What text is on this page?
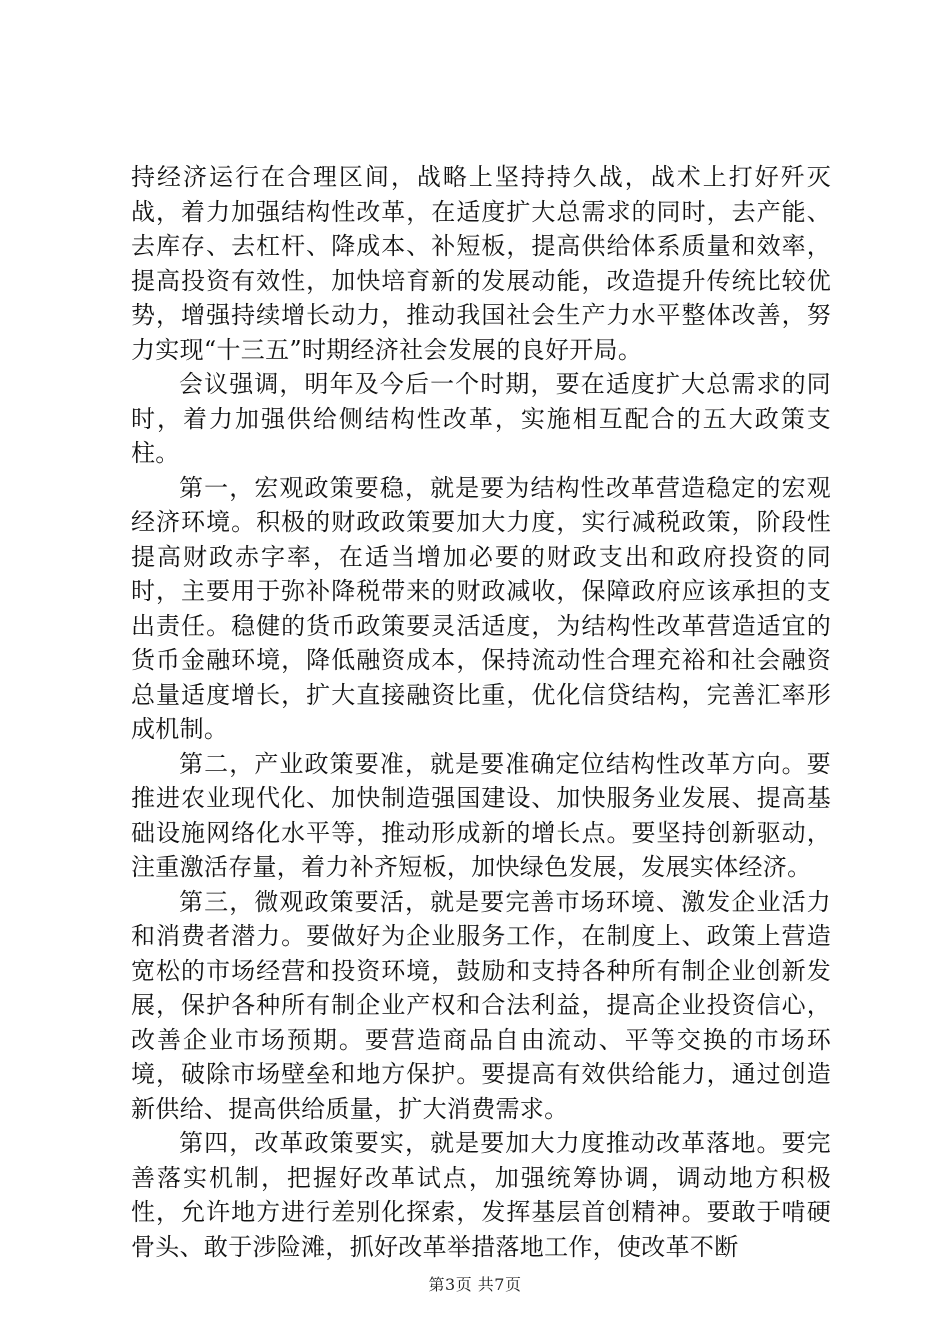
持经济运行在合理区间，战略上坚持持久战，战术上打好歼灭战，着力加强结构性改革，在适度扩大总需求的同时，去产能、去库存、去杠杆、降成本、补短板，提高供给体系质量和效率，提高投资有效性，加快培育新的发展动能，改造提升传统比较优势，增强持续增长动力，推动我国社会生产力水平整体改善，努力实现“十三五”时期经济社会发展的良好开局。

会议强调，明年及今后一个时期，要在适度扩大总需求的同时，着力加强供给侧结构性改革，实施相互配合的五大政策支柱。

第一，宏观政策要稳，就是要为结构性改革营造稳定的宏观经济环境。积极的财政政策要加大力度，实行减税政策，阶段性提高财政赤字率，在适当增加必要的财政支出和政府投资的同时，主要用于弥补降税带来的财政减收，保障政府应该承担的支出责任。稳健的货币政策要灵活适度，为结构性改革营造适宜的货币金融环境，降低融资成本，保持流动性合理充裕和社会融资总量适度增长，扩大直接融资比重，优化信贷结构，完善汇率形成机制。

第二，产业政策要准，就是要准确定位结构性改革方向。要推进农业现代化、加快制造强国建设、加快服务业发展、提高基础设施网络化水平等，推动形成新的增长点。要坚持创新驱动，注重激活存量，着力补齐短板，加快绿色发展，发展实体经济。

第三，微观政策要活，就是要完善市场环境、激发企业活力和消费者潜力。要做好为企业服务工作，在制度上、政策上营造宽松的市场经营和投资环境，鼓励和支持各种所有制企业创新发展，保护各种所有制企业产权和合法利益，提高企业投资信心，改善企业市场预期。要营造商品自由流动、平等交换的市场环境，破除市场壁垒和地方保护。要提高有效供给能力，通过创造新供给、提高供给质量，扩大消费需求。

第四，改革政策要实，就是要加大力度推动改革落地。要完善落实机制，把握好改革试点，加强统筹协调，调动地方积极性，允许地方进行差别化探索，发挥基层首创精神。要敢于啃硬骨头、敢于涉险滩，抓好改革举措落地工作，使改革不断

第3页 共7页
